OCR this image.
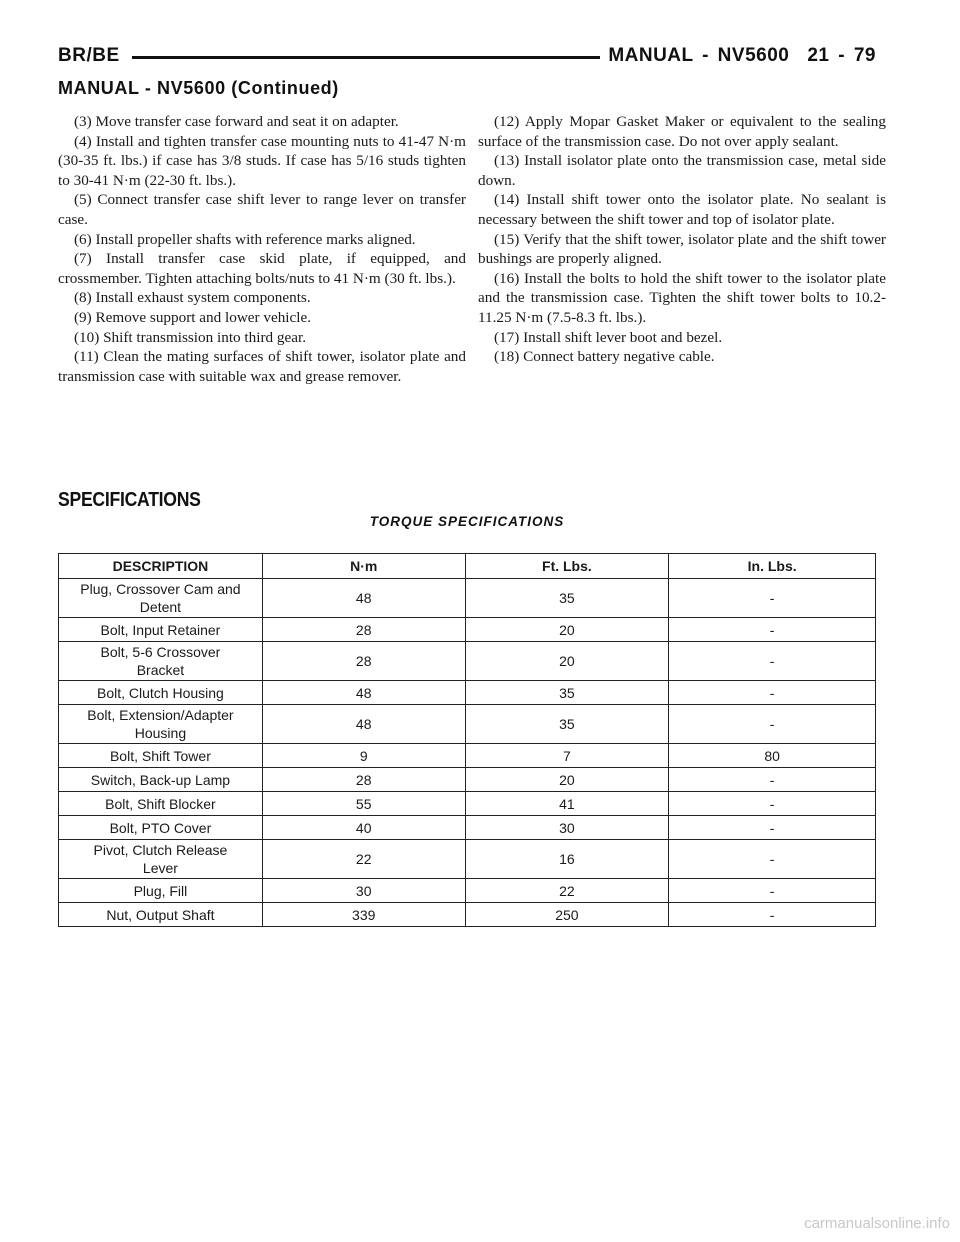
BR/BE	MANUAL - NV5600 21 - 79
MANUAL - NV5600 (Continued)

(3) Move transfer case forward and seat it on adapter.

(4) Install and tighten transfer case mounting nuts to 41-47 N·m (30-35 ft. lbs.) if case has 3/8 studs. If case has 5/16 studs tighten to 30-41 N·m (22-30 ft. lbs.).

(5) Connect transfer case shift lever to range lever on transfer case.

(6) Install propeller shafts with reference marks aligned.

(7) Install transfer case skid plate, if equipped, and crossmember. Tighten attaching bolts/nuts to 41 N·m (30 ft. lbs.).

(8) Install exhaust system components.

(9) Remove support and lower vehicle.

(10) Shift transmission into third gear.

(11) Clean the mating surfaces of shift tower, isolator plate and transmission case with suitable wax and grease remover.

(12) Apply Mopar Gasket Maker or equivalent to the sealing surface of the transmission case. Do not over apply sealant.

(13) Install isolator plate onto the transmission case, metal side down.

(14) Install shift tower onto the isolator plate. No sealant is necessary between the shift tower and top of isolator plate.

(15) Verify that the shift tower, isolator plate and the shift tower bushings are properly aligned.

(16) Install the bolts to hold the shift tower to the isolator plate and the transmission case. Tighten the shift tower bolts to 10.2-11.25 N·m (7.5-8.3 ft. lbs.).

(17) Install shift lever boot and bezel.

(18) Connect battery negative cable.

SPECIFICATIONS
TORQUE SPECIFICATIONS
DESCRIPTION	N·m	Ft. Lbs.	In. Lbs.

Plug, Crossover Cam and
Detent	48	35	-

Bolt, Input Retainer	28	20	-

Bolt, 5-6 Crossover
Bracket	28	20	-

Bolt, Clutch Housing	48	35	-

Bolt, Extension/Adapter
Housing	48	35	-

Bolt, Shift Tower	9	7	80

Switch, Back-up Lamp	28	20	-

Bolt, Shift Blocker	55	41	-

Bolt, PTO Cover	40	30	-

Pivot, Clutch Release
Lever	22	16	-

Plug, Fill	30	22	-

Nut, Output Shaft	339	250	-
carmanualsonline.info
